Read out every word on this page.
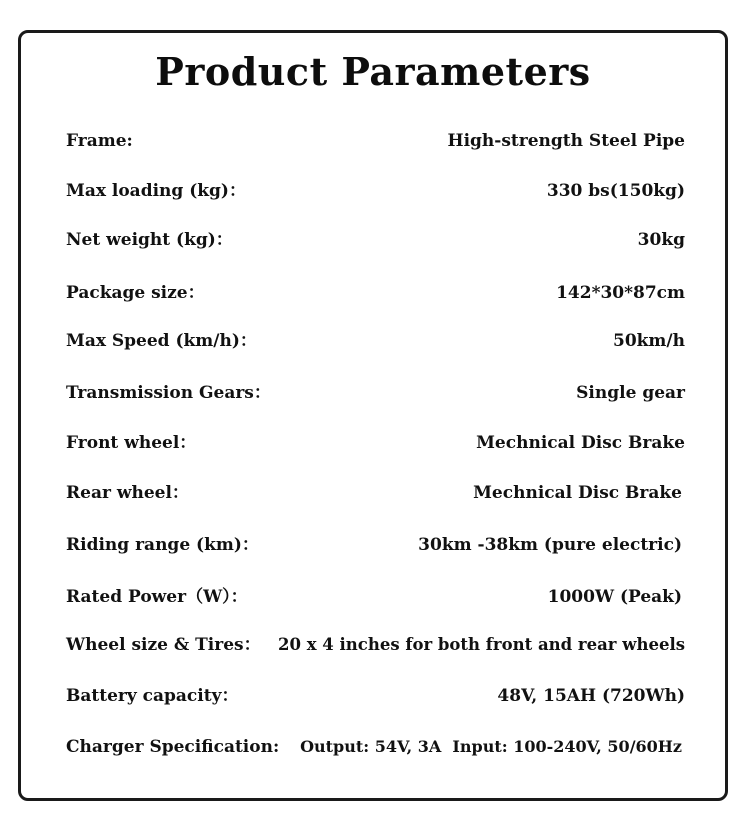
Product Parameters
Frame:	High-strength Steel Pipe
Max loading (kg)：	330 bs(150kg)
Net weight (kg)：	30kg
Package size：	142*30*87cm
Max Speed (km/h)：	50km/h
Transmission Gears：	Single gear
Front wheel：	Mechnical Disc Brake
Rear wheel：	Mechnical Disc Brake
Riding range (km)：	30km -38km (pure electric)
Rated Power（W）：	1000W (Peak)
Wheel size & Tires： 20 x 4 inches for both front and rear wheels
Battery capacity：	48V, 15AH (720Wh)
Charger Specification: Output: 54V, 3A  Input: 100-240V, 50/60Hz
